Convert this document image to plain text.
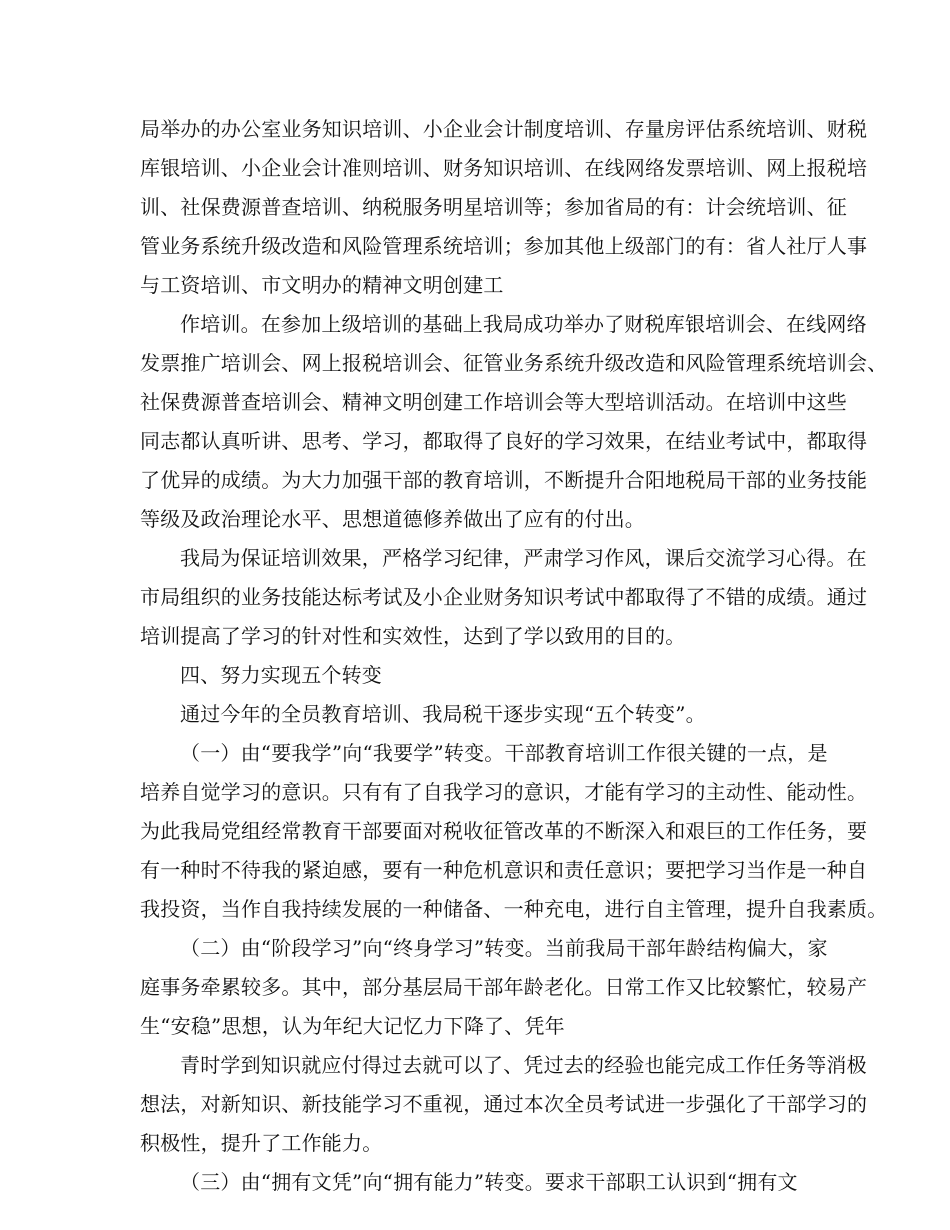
局举办的办公室业务知识培训、小企业会计制度培训、存量房评估系统培训、财税
库银培训、小企业会计准则培训、财务知识培训、在线网络发票培训、网上报税培
训、社保费源普查培训、纳税服务明星培训等；参加省局的有：计会统培训、征
管业务系统升级改造和风险管理系统培训；参加其他上级部门的有：省人社厅人事
与工资培训、市文明办的精神文明创建工
作培训。在参加上级培训的基础上我局成功举办了财税库银培训会、在线网络
发票推广培训会、网上报税培训会、征管业务系统升级改造和风险管理系统培训会、
社保费源普查培训会、精神文明创建工作培训会等大型培训活动。在培训中这些
同志都认真听讲、思考、学习，都取得了良好的学习效果，在结业考试中，都取得
了优异的成绩。为大力加强干部的教育培训，不断提升合阳地税局干部的业务技能
等级及政治理论水平、思想道德修养做出了应有的付出。
我局为保证培训效果，严格学习纪律，严肃学习作风，课后交流学习心得。在
市局组织的业务技能达标考试及小企业财务知识考试中都取得了不错的成绩。通过
培训提高了学习的针对性和实效性，达到了学以致用的目的。
四、努力实现五个转变
通过今年的全员教育培训、我局税干逐步实现“五个转变”。
（一）由“要我学”向“我要学”转变。干部教育培训工作很关键的一点，是
培养自觉学习的意识。只有有了自我学习的意识，才能有学习的主动性、能动性。
为此我局党组经常教育干部要面对税收征管改革的不断深入和艰巨的工作任务，要
有一种时不待我的紧迫感，要有一种危机意识和责任意识；要把学习当作是一种自
我投资，当作自我持续发展的一种储备、一种充电，进行自主管理，提升自我素质。
（二）由“阶段学习”向“终身学习”转变。当前我局干部年龄结构偏大，家
庭事务牵累较多。其中，部分基层局干部年龄老化。日常工作又比较繁忙，较易产
生“安稳”思想，认为年纪大记忆力下降了、凭年
青时学到知识就应付得过去就可以了、凭过去的经验也能完成工作任务等消极
想法，对新知识、新技能学习不重视，通过本次全员考试进一步强化了干部学习的
积极性，提升了工作能力。
（三）由“拥有文凭”向“拥有能力”转变。要求干部职工认识到“拥有文
